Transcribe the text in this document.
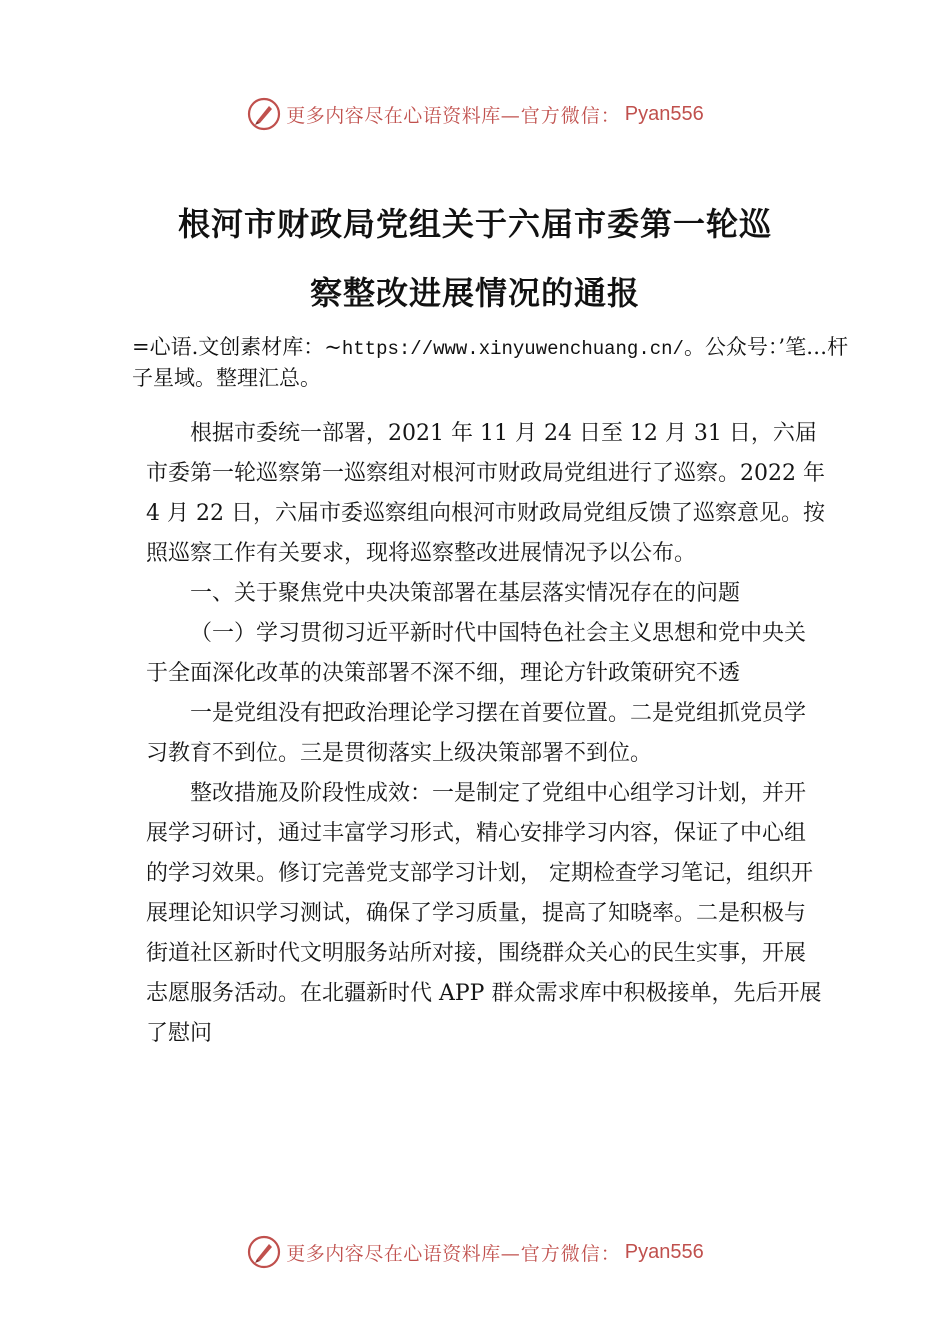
更多内容尽在心语资料库 —官方微信： Pyan556
根河市财政局党组关于六届市委第一轮巡
察整改进展情况的通报
=心语.文创素材库：~https://www.xinyuwenchuang.cn/。公众号：’笔…杆子星域。整理汇总。

根据市委统一部署，2021 年 11 月 24 日至 12 月 31 日，六届市委第一轮巡察第一巡察组对根河市财政局党组进行了巡察。2022 年 4 月 22 日，六届市委巡察组向根河市财政局党组反馈了巡察意见。按照巡察工作有关要求，现将巡察整改进展情况予以公布。

一、关于聚焦党中央决策部署在基层落实情况存在的问题

（一）学习贯彻习近平新时代中国特色社会主义思想和党中央关于全面深化改革的决策部署不深不细，理论方针政策研究不透

一是党组没有把政治理论学习摆在首要位置。二是党组抓党员学习教育不到位。三是贯彻落实上级决策部署不到位。

整改措施及阶段性成效：一是制定了党组中心组学习计划，并开展学习研讨，通过丰富学习形式，精心安排学习内容，保证了中心组的学习效果。修订完善党支部学习计划， 定期检查学习笔记，组织开展理论知识学习测试，确保了学习质量，提高了知晓率。二是积极与街道社区新时代文明服务站所对接，围绕群众关心的民生实事，开展志愿服务活动。在北疆新时代 APP 群众需求库中积极接单，先后开展了慰问

更多内容尽在心语资料库 —官方微信： Pyan556
